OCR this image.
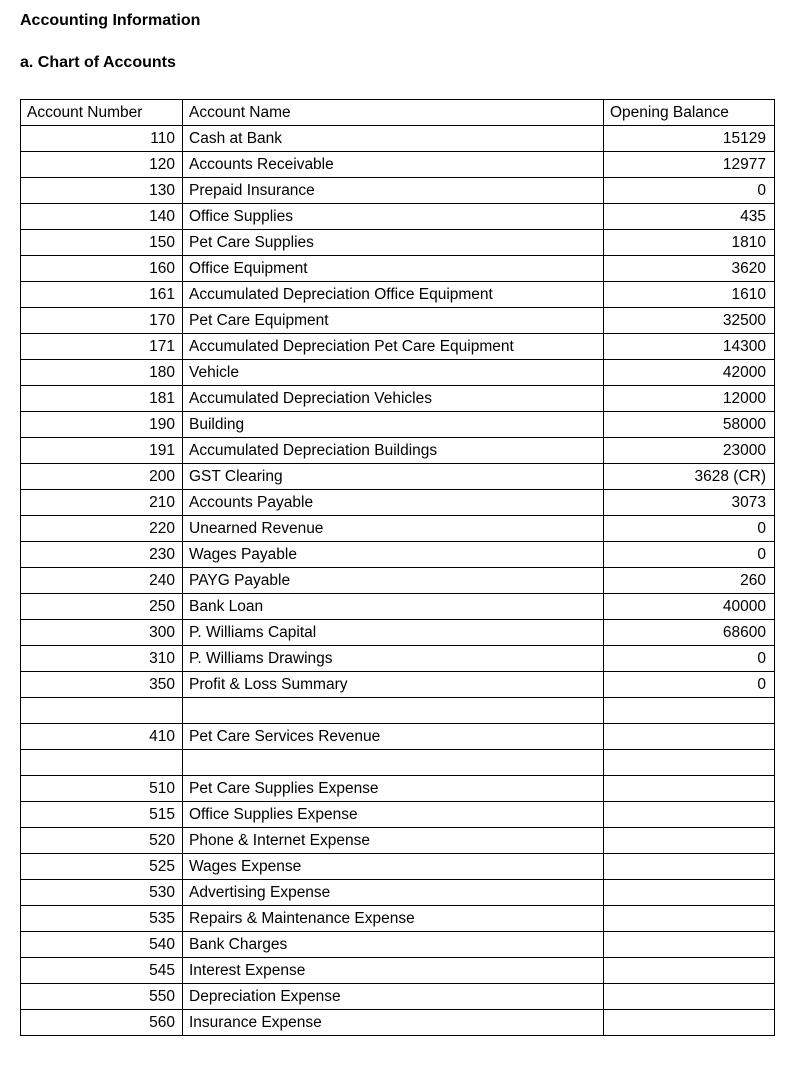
Accounting Information
a. Chart of Accounts
Account Number	Account Name	Opening Balance
110	Cash at Bank	15129
120	Accounts Receivable	12977
130	Prepaid Insurance	0
140	Office Supplies	435
150	Pet Care Supplies	1810
160	Office Equipment	3620
161	Accumulated Depreciation Office Equipment	1610
170	Pet Care Equipment	32500
171	Accumulated Depreciation Pet Care Equipment	14300
180	Vehicle	42000
181	Accumulated Depreciation Vehicles	12000
190	Building	58000
191	Accumulated Depreciation Buildings	23000
200	GST Clearing	3628 (CR)
210	Accounts Payable	3073
220	Unearned Revenue	0
230	Wages Payable	0
240	PAYG Payable	260
250	Bank Loan	40000
300	P. Williams Capital	68600
310	P. Williams Drawings	0
350	Profit & Loss Summary	0

410	Pet Care Services Revenue	

510	Pet Care Supplies Expense	
515	Office Supplies Expense	
520	Phone & Internet Expense	
525	Wages Expense	
530	Advertising Expense	
535	Repairs & Maintenance Expense	
540	Bank Charges	
545	Interest Expense	
550	Depreciation Expense	
560	Insurance Expense	
